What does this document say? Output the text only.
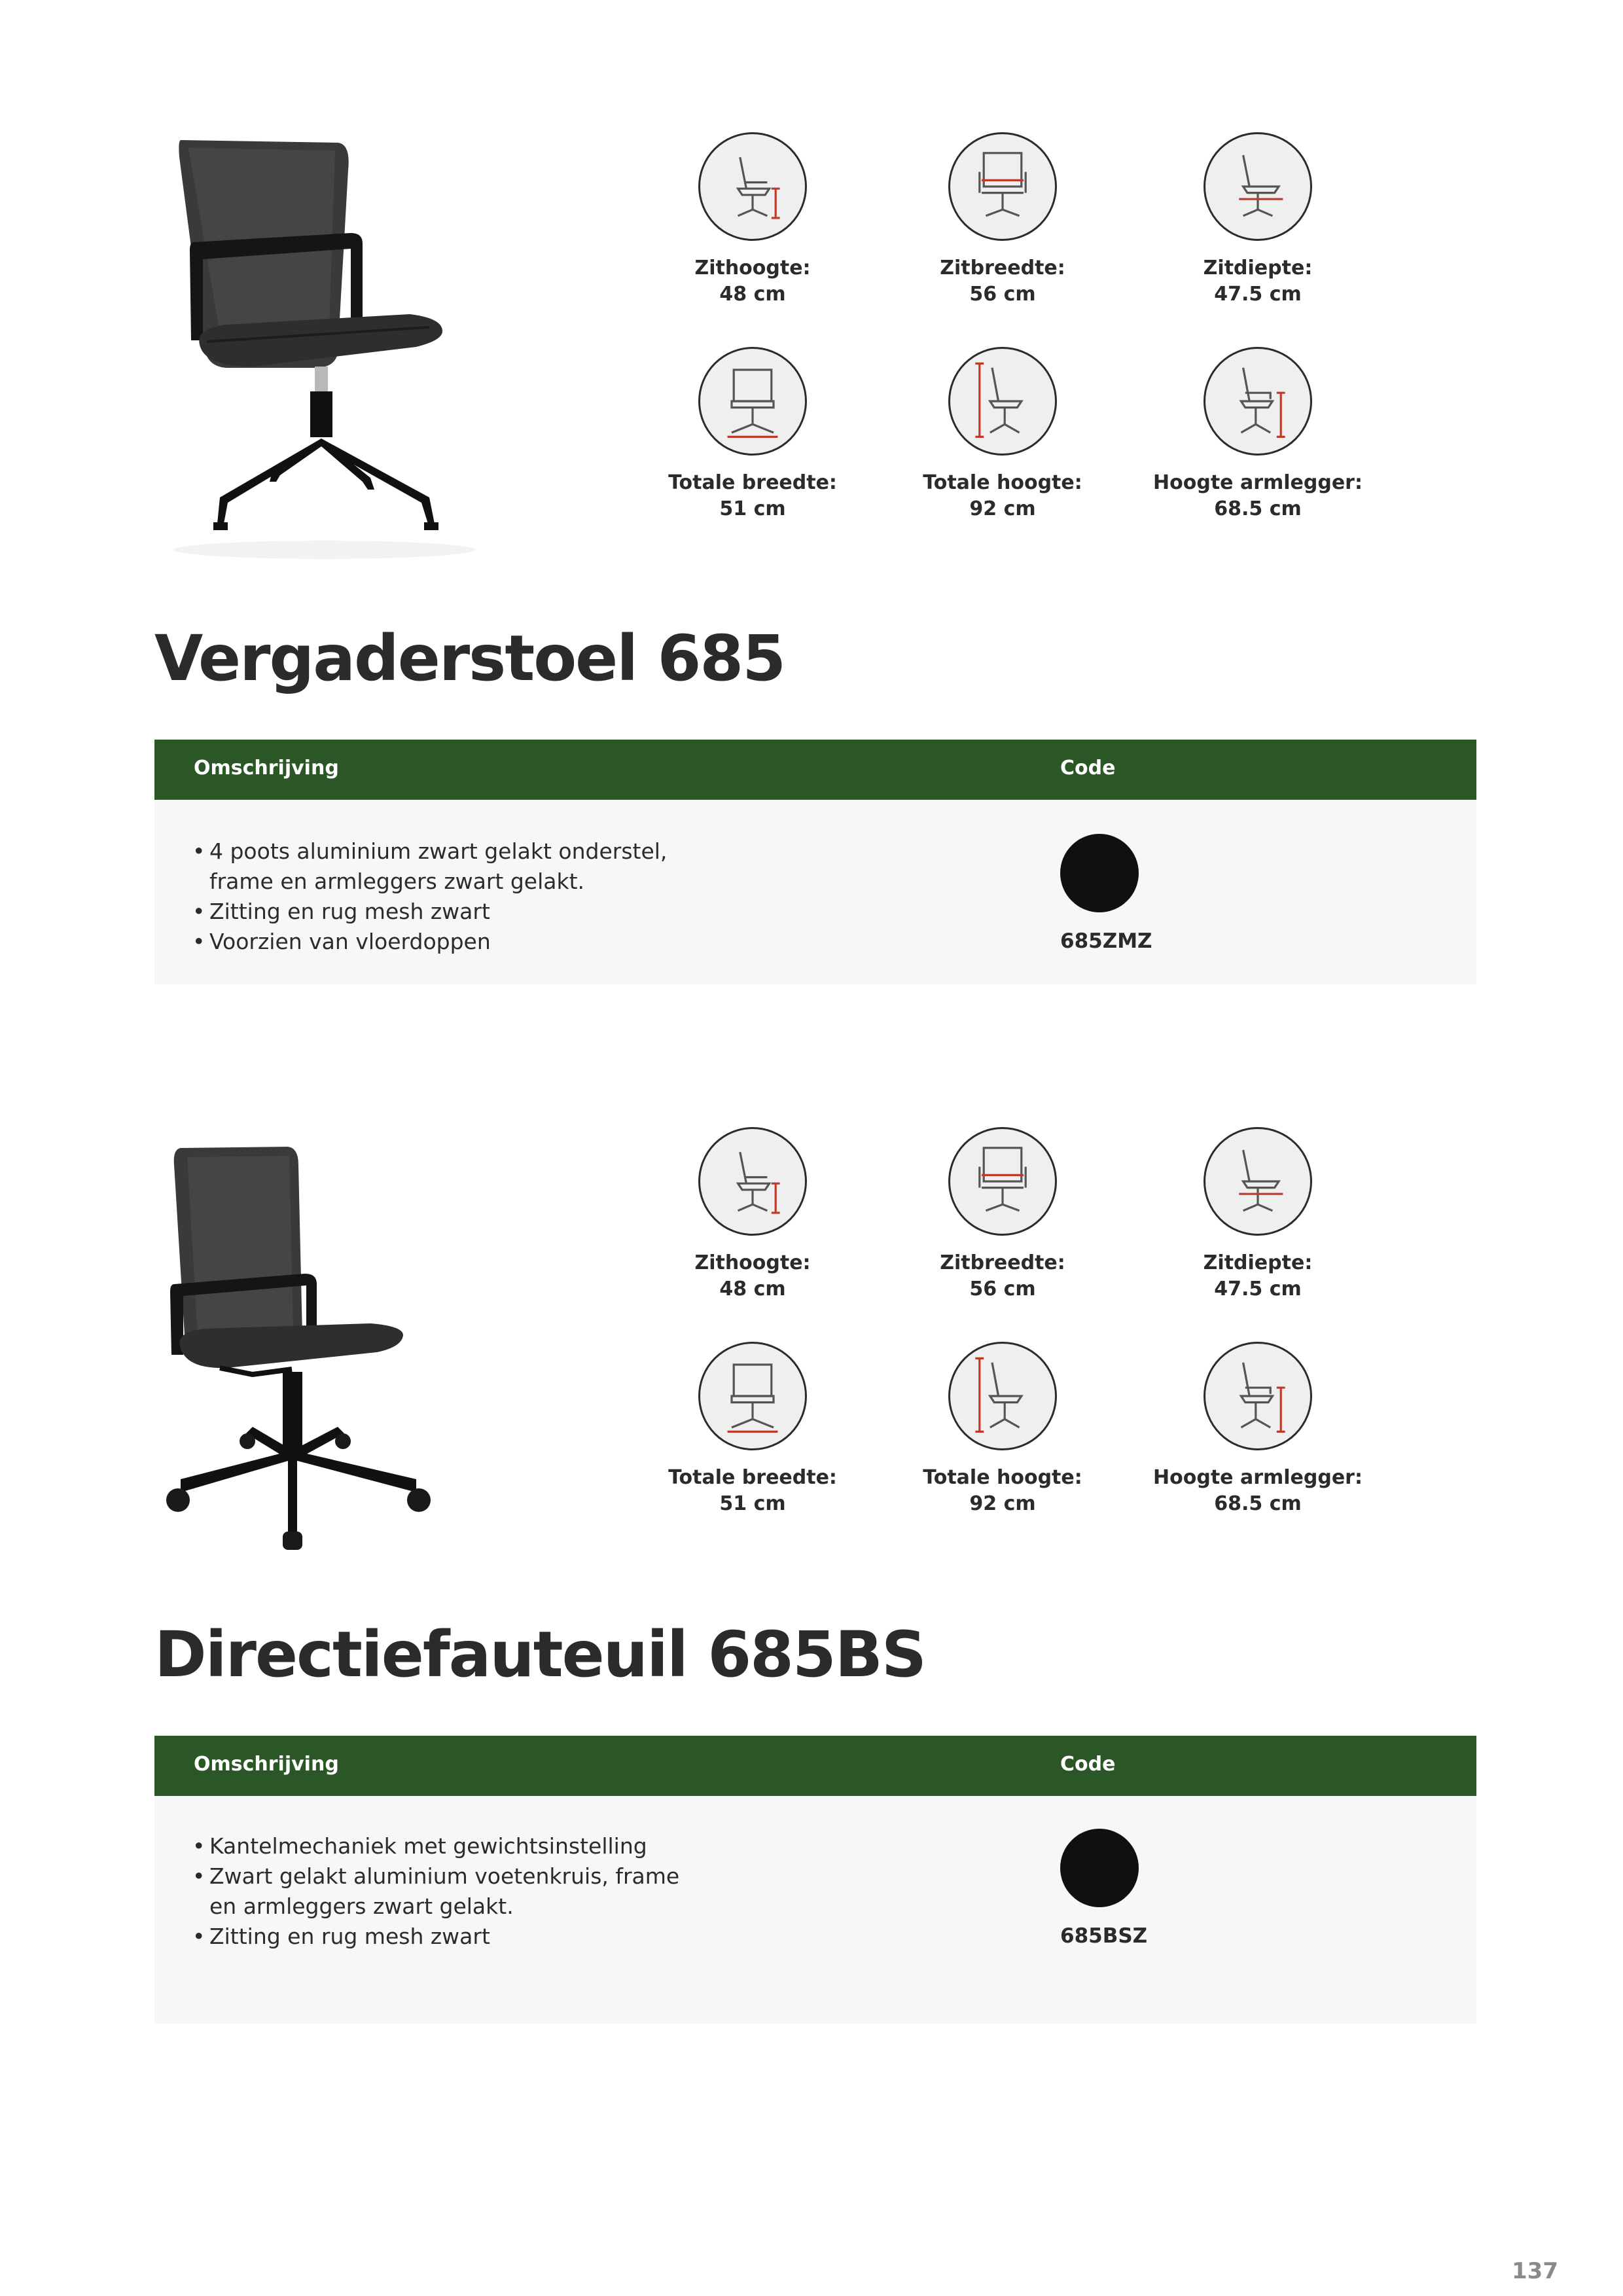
Zithoogte:
48 cm
Zitbreedte:
56 cm
Zitdiepte:
47.5 cm
Totale breedte:
51 cm
Totale hoogte:
92 cm
Hoogte armlegger:
68.5 cm
Vergaderstoel 685
Omschrijving	Code
• 4 poots aluminium zwart gelakt onderstel, frame en armleggers zwart gelakt.
• Zitting en rug mesh zwart
• Voorzien van vloerdoppen	685ZMZ
Zithoogte:
48 cm
Zitbreedte:
56 cm
Zitdiepte:
47.5 cm
Totale breedte:
51 cm
Totale hoogte:
92 cm
Hoogte armlegger:
68.5 cm
Directiefauteuil 685BS
Omschrijving	Code
• Kantelmechaniek met gewichtsinstelling
• Zwart gelakt aluminium voetenkruis, frame en armleggers zwart gelakt.
• Zitting en rug mesh zwart	685BSZ
137
